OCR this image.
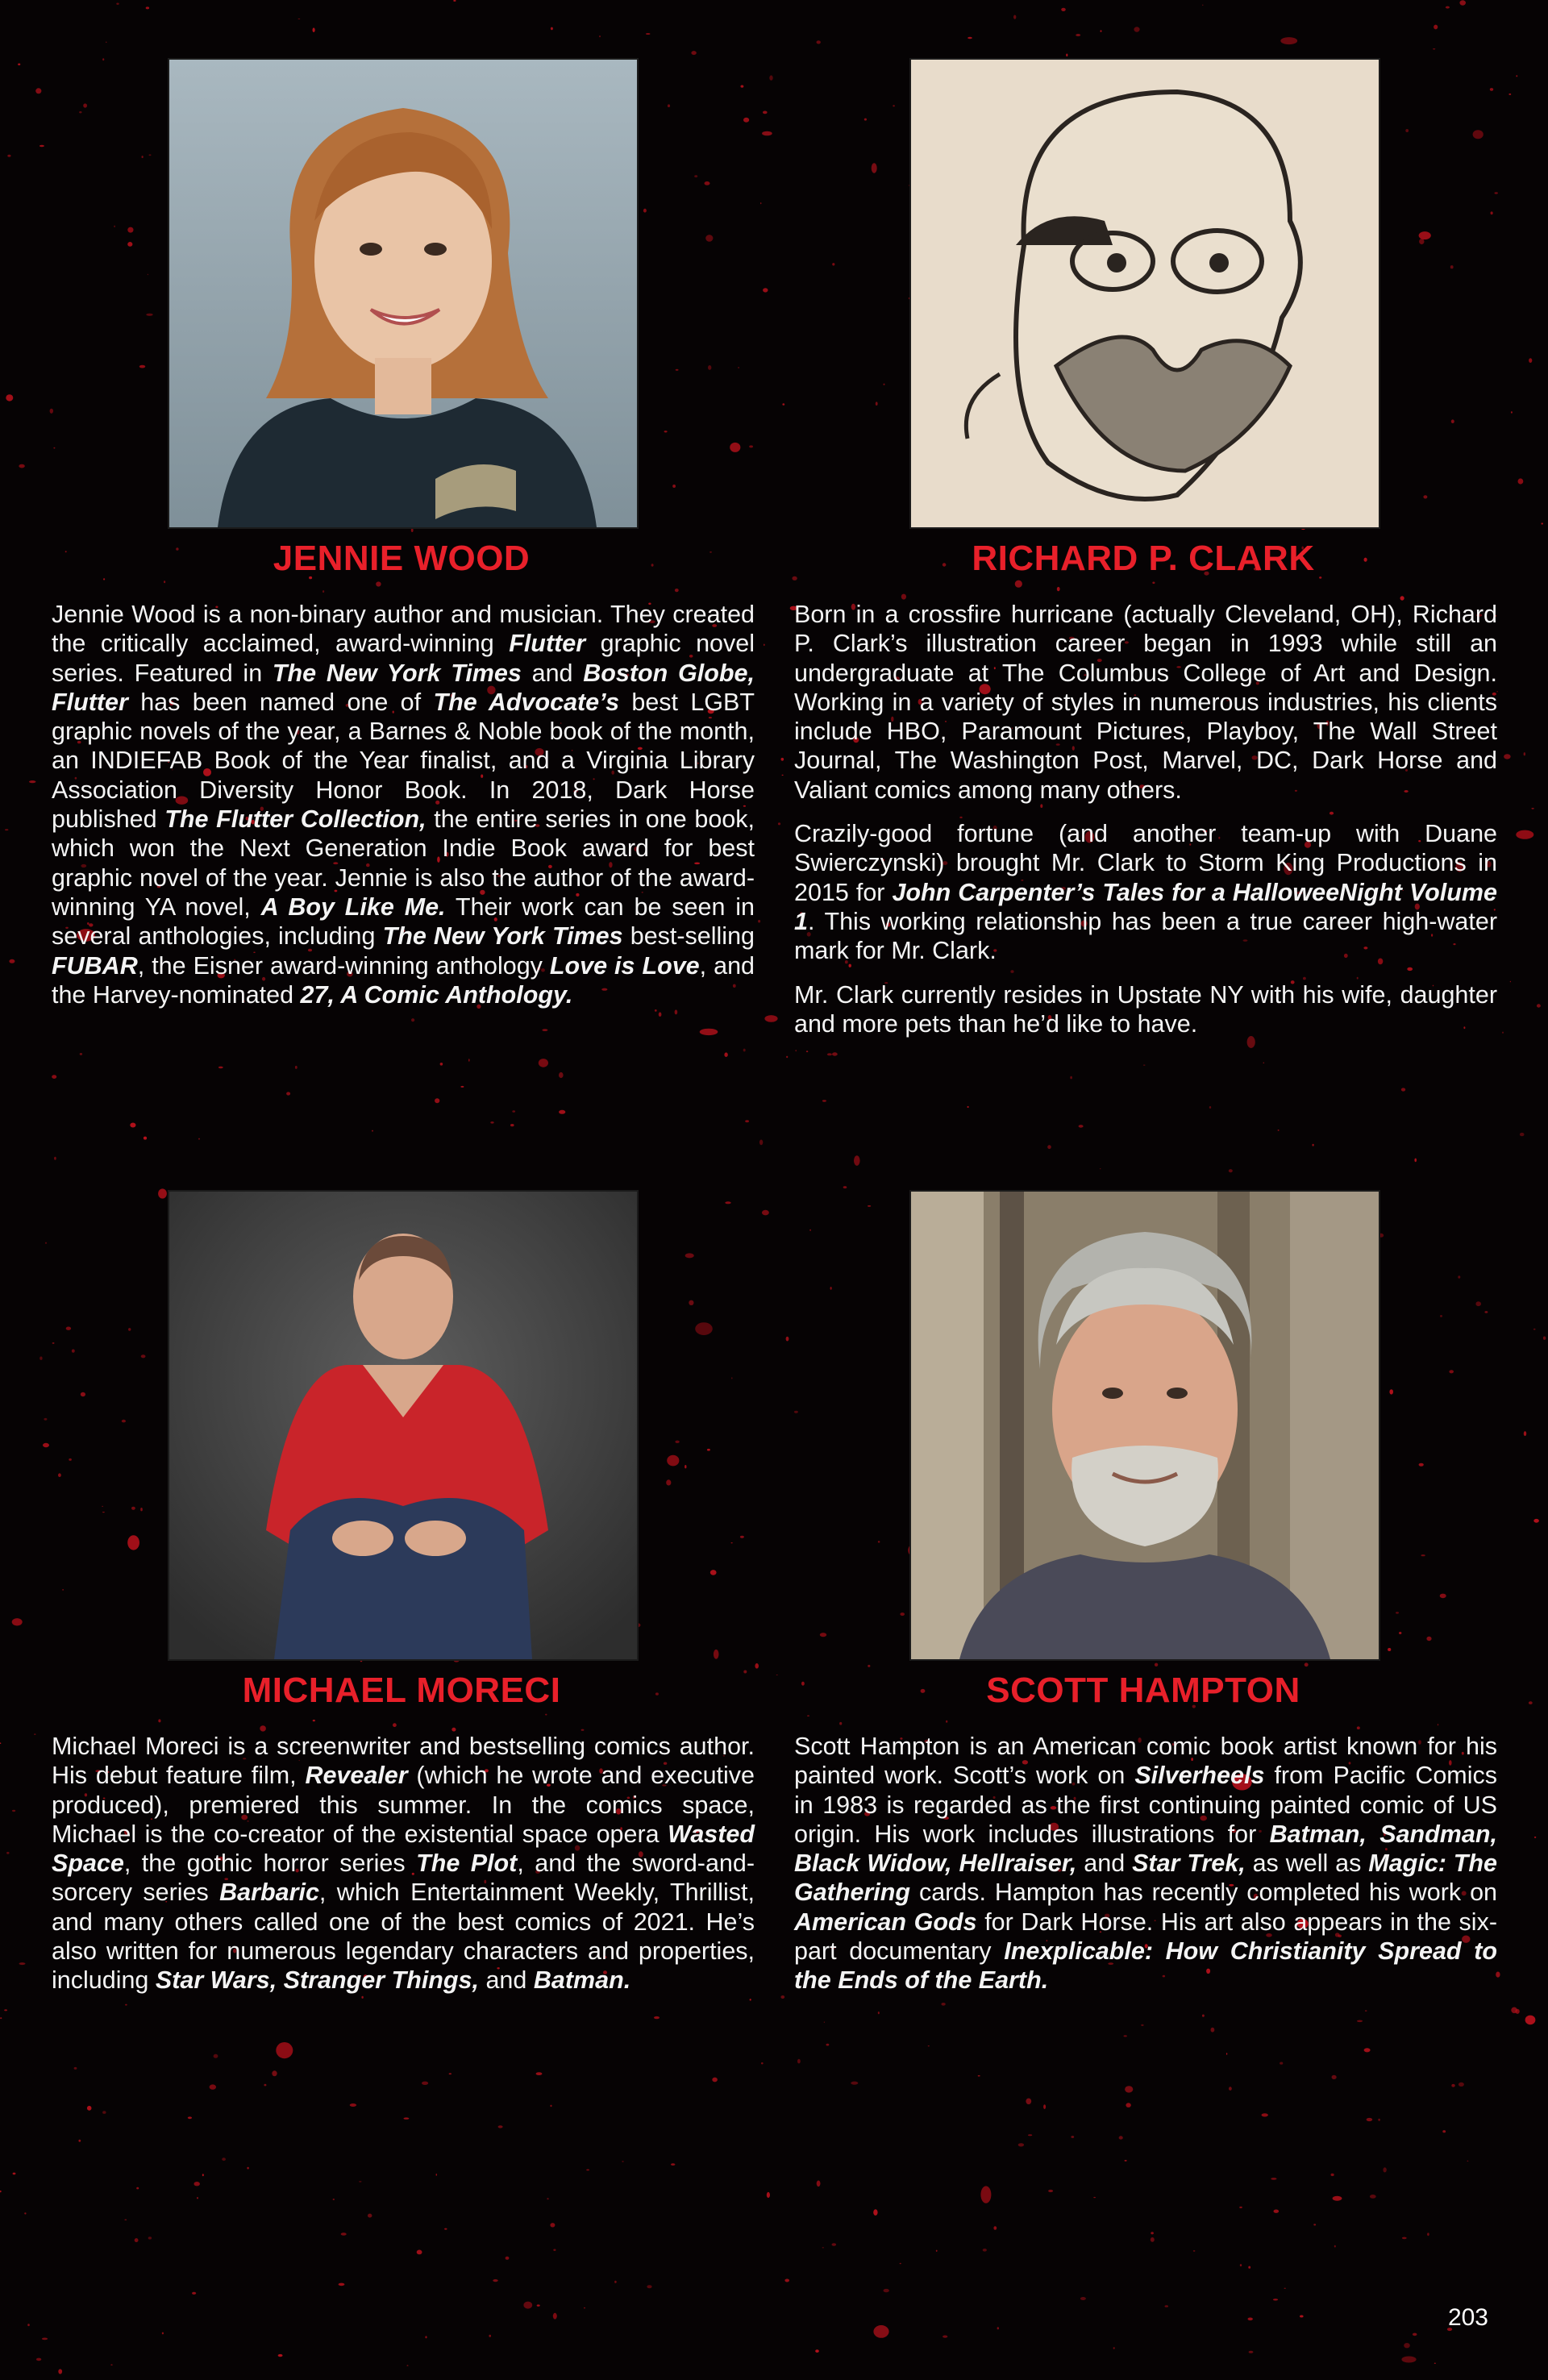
JENNIE WOOD

Jennie Wood is a non-binary author and musician. They created the critically acclaimed, award-winning Flutter graphic novel series. Featured in The New York Times and Boston Globe, Flutter has been named one of The Advocate’s best LGBT graphic novels of the year, a Barnes & Noble book of the month, an INDIEFAB Book of the Year finalist, and a Virginia Library Association Diversity Honor Book. In 2018, Dark Horse published The Flutter Collection, the entire series in one book, which won the Next Generation Indie Book award for best graphic novel of the year. Jennie is also the author of the award-winning YA novel, A Boy Like Me. Their work can be seen in several anthologies, including The New York Times best-selling FUBAR, the Eisner award-winning anthology Love is Love, and the Harvey-nominated 27, A Comic Anthology.

RICHARD P. CLARK

Born in a crossfire hurricane (actually Cleveland, OH), Richard P. Clark’s illustration career began in 1993 while still an undergraduate at The Columbus College of Art and Design. Working in a variety of styles in numerous industries, his clients include HBO, Paramount Pictures, Playboy, The Wall Street Journal, The Washington Post, Marvel, DC, Dark Horse and Valiant comics among many others.

Crazily-good fortune (and another team-up with Duane Swierczynski) brought Mr. Clark to Storm King Productions in 2015 for John Carpenter’s Tales for a HalloweeNight Volume 1. This working relationship has been a true career high-water mark for Mr. Clark.

Mr. Clark currently resides in Upstate NY with his wife, daughter and more pets than he’d like to have.

MICHAEL MORECI

Michael Moreci is a screenwriter and bestselling comics author. His debut feature film, Revealer (which he wrote and executive produced), premiered this summer. In the comics space, Michael is the co-creator of the existential space opera Wasted Space, the gothic horror series The Plot, and the sword-and-sorcery series Barbaric, which Entertainment Weekly, Thrillist, and many others called one of the best comics of 2021. He’s also written for numerous legendary characters and properties, including Star Wars, Stranger Things, and Batman.

SCOTT HAMPTON

Scott Hampton is an American comic book artist known for his painted work. Scott’s work on Silverheels from Pacific Comics in 1983 is regarded as the first continuing painted comic of US origin. His work includes illustrations for Batman, Sandman, Black Widow, Hellraiser, and Star Trek, as well as Magic: The Gathering cards. Hampton has recently completed his work on American Gods for Dark Horse. His art also appears in the six-part documentary Inexplicable: How Christianity Spread to the Ends of the Earth.

203
